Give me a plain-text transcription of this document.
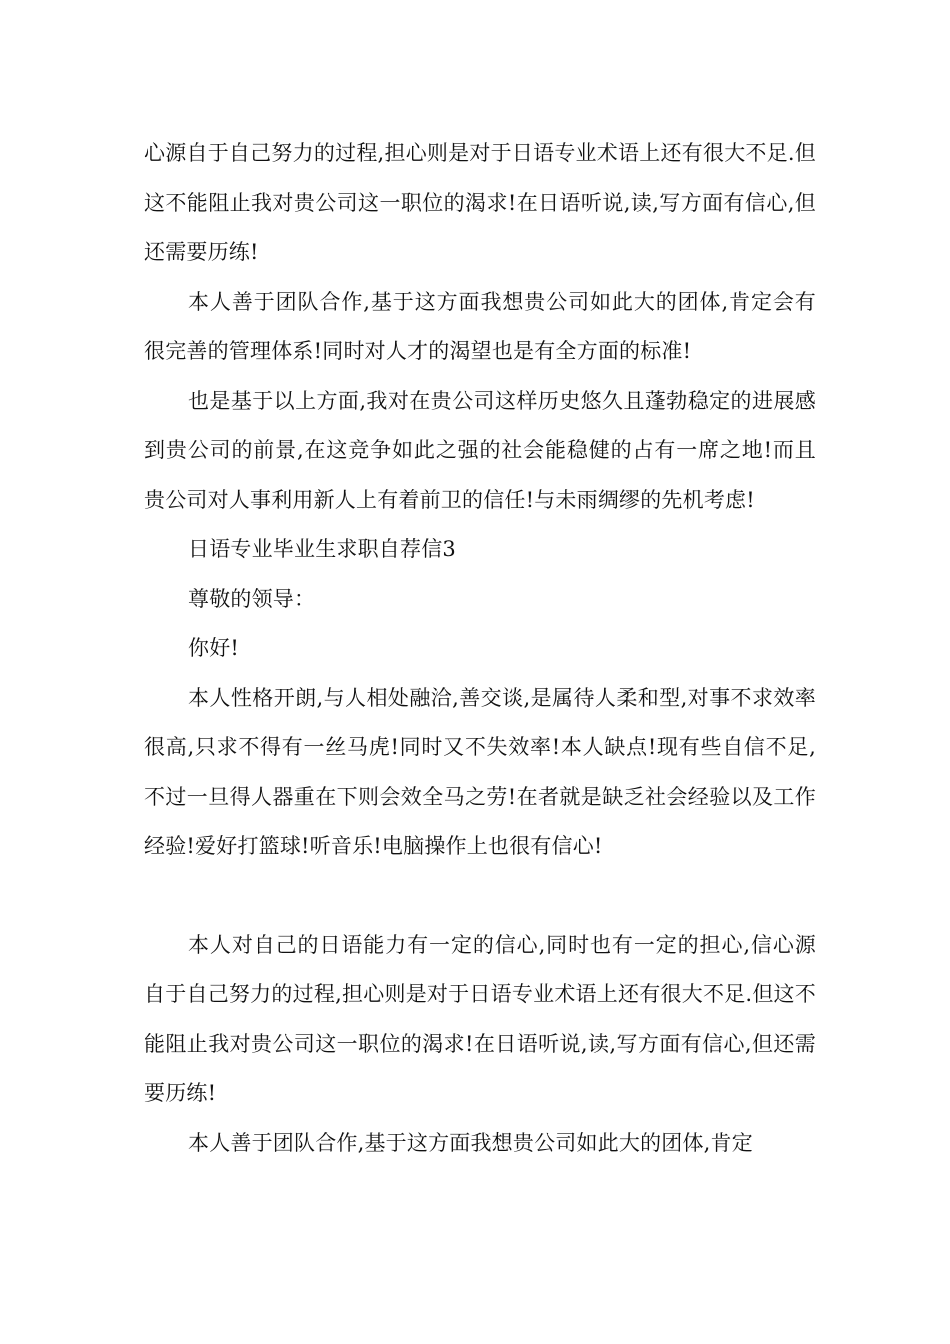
心源自于自己努力的过程,担心则是对于日语专业术语上还有很大不足.但这不能阻止我对贵公司这一职位的渴求!在日语听说,读,写方面有信心,但还需要历练!

本人善于团队合作,基于这方面我想贵公司如此大的团体,肯定会有很完善的管理体系!同时对人才的渴望也是有全方面的标准!

也是基于以上方面,我对在贵公司这样历史悠久且蓬勃稳定的进展感到贵公司的前景,在这竞争如此之强的社会能稳健的占有一席之地!而且贵公司对人事利用新人上有着前卫的信任!与未雨绸缪的先机考虑!

日语专业毕业生求职自荐信3

尊敬的领导：

你好!

本人性格开朗,与人相处融洽,善交谈,是属待人柔和型,对事不求效率很高,只求不得有一丝马虎!同时又不失效率!本人缺点!现有些自信不足,不过一旦得人器重在下则会效全马之劳!在者就是缺乏社会经验以及工作经验!爱好打篮球!听音乐!电脑操作上也很有信心!

本人对自己的日语能力有一定的信心,同时也有一定的担心,信心源自于自己努力的过程,担心则是对于日语专业术语上还有很大不足.但这不能阻止我对贵公司这一职位的渴求!在日语听说,读,写方面有信心,但还需要历练!

本人善于团队合作,基于这方面我想贵公司如此大的团体,肯定
